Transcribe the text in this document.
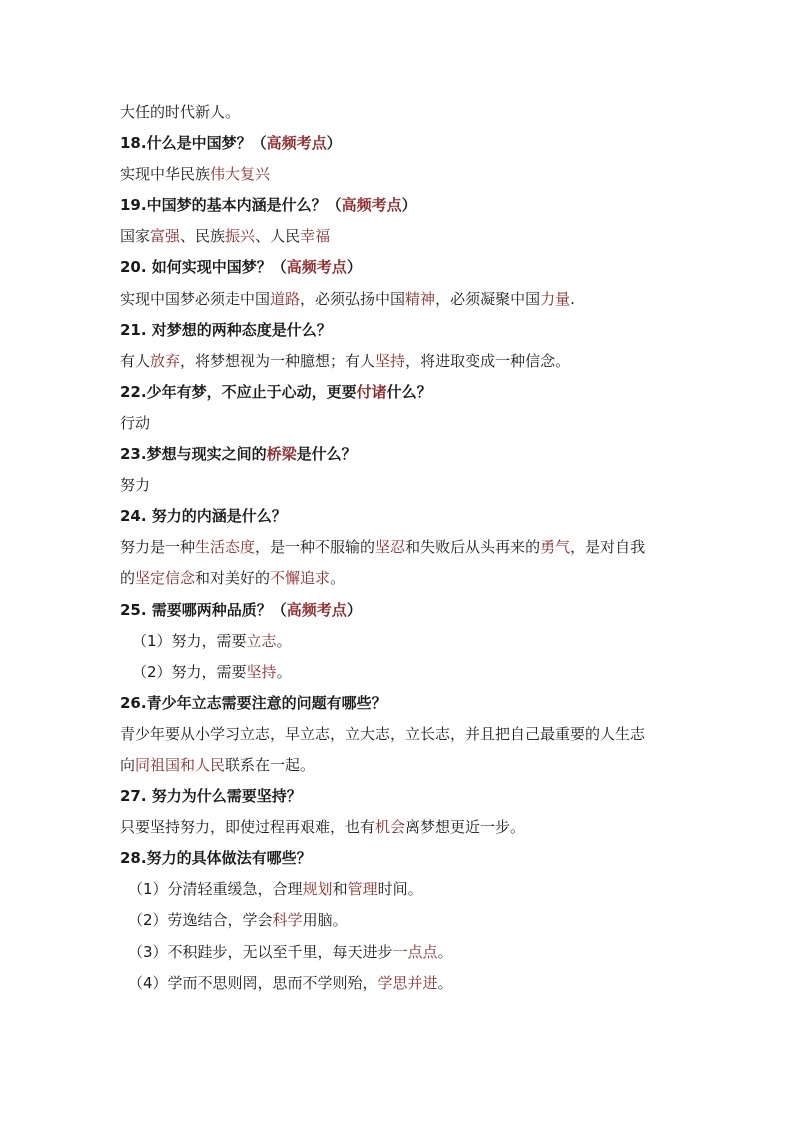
大任的时代新人。

18.什么是中国梦？（高频考点）

实现中华民族伟大复兴

19.中国梦的基本内涵是什么？（高频考点）

国家富强、民族振兴、人民幸福

20. 如何实现中国梦？（高频考点）

实现中国梦必须走中国道路，必须弘扬中国精神，必须凝聚中国力量.

21. 对梦想的两种态度是什么？

有人放弃，将梦想视为一种臆想；有人坚持，将进取变成一种信念。

22.少年有梦，不应止于心动，更要付诸什么？

行动

23.梦想与现实之间的桥梁是什么？

努力

24. 努力的内涵是什么？

努力是一种生活态度，是一种不服输的坚忍和失败后从头再来的勇气，是对自我

的坚定信念和对美好的不懈追求。

25. 需要哪两种品质？（高频考点）

（1）努力，需要立志。

（2）努力，需要坚持。

26.青少年立志需要注意的问题有哪些？

青少年要从小学习立志，早立志，立大志，立长志，并且把自己最重要的人生志

向同祖国和人民联系在一起。

27. 努力为什么需要坚持？

只要坚持努力，即使过程再艰难，也有机会离梦想更近一步。

28.努力的具体做法有哪些？

（1）分清轻重缓急，合理规划和管理时间。

（2）劳逸结合，学会科学用脑。

（3）不积跬步，无以至千里，每天进步一点点。

（4）学而不思则罔，思而不学则殆，学思并进。
